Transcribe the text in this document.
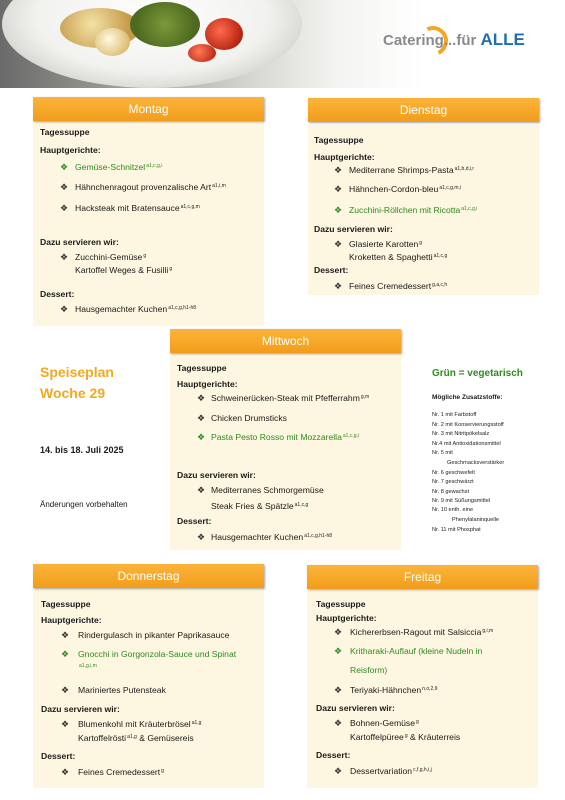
Catering...für ALLE
Montag
Tagessuppe
Hauptgerichte:
❖ Gemüse-Schnitzel$^{a1,c,g,i}$
❖ Hähnchenragout provenzalische Art$^{a1,i,m}$
❖ Hacksteak mit Bratensauce$^{a1,c,g,m}$
Dazu servieren wir:
❖ Zucchini-Gemüse$^g$
Kartoffel Weges & Fusilli$^g$
Dessert:
❖ Hausgemachter Kuchen$^{a1,c,g,h1-h8}$
Dienstag
Tagessuppe
Hauptgerichte:
❖ Mediterrane Shrimps-Pasta$^{a1,b,d,i,r}$
❖ Hähnchen-Cordon-bleu$^{a1,c,g,m,i}$
❖ Zucchini-Röllchen mit Ricotta$^{a1,c,g,i}$
Dazu servieren wir:
❖ Glasierte Karotten$^g$
Kroketten & Spaghetti$^{a1,c,g}$
Dessert:
❖ Feines Cremedessert$^{g,a,c,h}$
Mittwoch
Tagessuppe
Hauptgerichte:
❖ Schweinerücken-Steak mit Pfefferrahm$^{g,m}$
❖ Chicken Drumsticks
❖ Pasta Pesto Rosso mit Mozzarella$^{a1,c,g,i}$
Dazu servieren wir:
❖ Mediterranes Schmorgemüse
Steak Fries & Spätzle$^{a1,c,g}$
Dessert:
❖ Hausgemachter Kuchen$^{a1,c,g,h1-h8}$
Speiseplan
Woche 29
14. bis 18. Juli 2025
Änderungen vorbehalten
Grün = vegetarisch
Mögliche Zusatzstoffe:
Nr. 1 mit Farbstoff
Nr. 2 mit Konservierungsstoff
Nr. 3 mit Nitritpökelsalz
Nr.4 mit Antioxidationsmittel
Nr. 5 mit
Geschmacksverstärker
Nr. 6 geschwefelt
Nr. 7 geschwärzt
Nr. 8 gewachst
Nr. 9 mit Süßungsmittel
Nr. 10 enth. eine
Phenylalaninquelle
Nr. 11 mit Phosphat
Donnerstag
Tagessuppe
Hauptgerichte:
❖ Rindergulasch in pikanter Paprikasauce
❖ Gnocchi in Gorgonzola-Sauce und Spinat
$^{a1,g,i,m}$
❖ Mariniertes Putensteak
Dazu servieren wir:
❖ Blumenkohl mit Kräuterbrösel$^{a1,g}$
Kartoffelrösti$^{a1,g}$ & Gemüsereis
Dessert:
❖ Feines Cremedessert$^g$
Freitag
Tagessuppe
Hauptgerichte:
❖ Kichererbsen-Ragout mit Salsiccia$^{g,i,m}$
❖ Kritharaki-Auflauf (kleine Nudeln in
Reisform)
❖ Teriyaki-Hähnchen$^{n,o,2,9}$
Dazu servieren wir:
❖ Bohnen-Gemüse$^g$
Kartoffelpüree$^g$ & Kräuterreis
Dessert:
❖ Dessertvariation$^{c,f,g,h,i,j}$
